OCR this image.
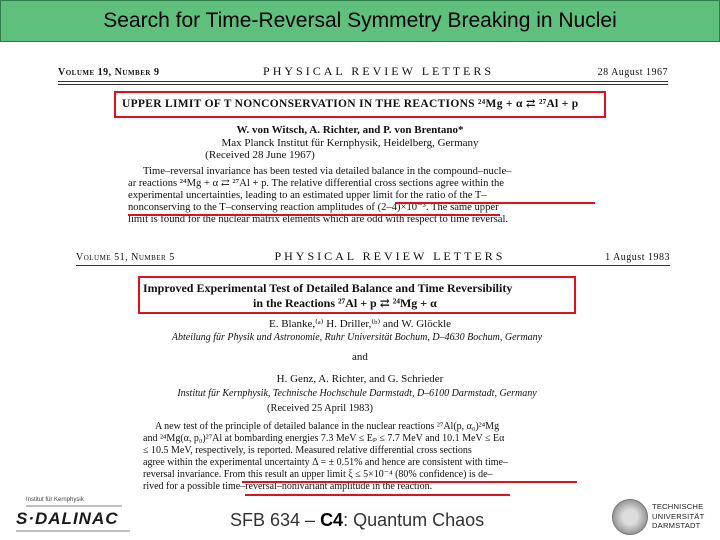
Search for Time-Reversal Symmetry Breaking in Nuclei
Volume 19, Number 9	PHYSICAL REVIEW LETTERS	28 August 1967
UPPER LIMIT OF T NONCONSERVATION IN THE REACTIONS ²⁴Mg + α ⇄ ²⁷Al + p
W. von Witsch, A. Richter, and P. von Brentano*
Max Planck Institut für Kernphysik, Heidelberg, Germany
(Received 28 June 1967)
Time–reversal invariance has been tested via detailed balance in the compound–nucle–
ar reactions ²⁴Mg + α ⇄ ²⁷Al + p. The relative differential cross sections agree within the
experimental uncertainties, leading to an estimated upper limit for the ratio of the T–
nonconserving to the T–conserving reaction amplitudes of (2–4)×10⁻³. The same upper
limit is found for the nuclear matrix elements which are odd with respect to time reversal.
Volume 51, Number 5	PHYSICAL REVIEW LETTERS	1 August 1983
Improved Experimental Test of Detailed Balance and Time Reversibility
in the Reactions ²⁷Al + p ⇄ ²⁴Mg + α
E. Blanke,⁽ᵃ⁾ H. Driller,⁽ᵇ⁾ and W. Glöckle
Abteilung für Physik und Astronomie, Ruhr Universität Bochum, D–4630 Bochum, Germany
and
H. Genz, A. Richter, and G. Schrieder
Institut für Kernphysik, Technische Hochschule Darmstadt, D–6100 Darmstadt, Germany
(Received 25 April 1983)
A new test of the principle of detailed balance in the nuclear reactions ²⁷Al(p, α₀)²⁴Mg
and ²⁴Mg(α, p₀)²⁷Al at bombarding energies 7.3 MeV ≤ Eₚ ≤ 7.7 MeV and 10.1 MeV ≤ Eα
≤ 10.5 MeV, respectively, is reported. Measured relative differential cross sections
agree within the experimental uncertainty Δ = ± 0.51% and hence are consistent with time–
reversal invariance. From this result an upper limit ξ ≤ 5×10⁻⁴ (80% confidence) is de–
rived for a possible time–reversal–nonivariant amplitude in the reaction.
Institut für Kernphysik
S·DALINAC	SFB 634 – C4: Quantum Chaos
TECHNISCHE
UNIVERSITÄT
DARMSTADT
